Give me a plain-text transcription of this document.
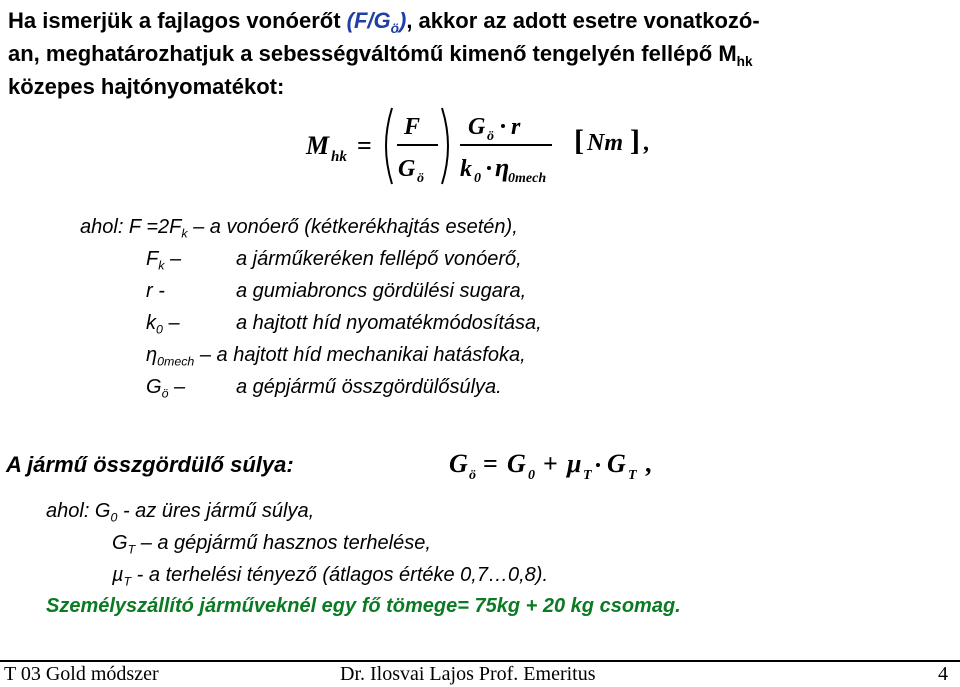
Ha ismerjük a fajlagos vonóerőt $(F/G_ö)$, akkor az adott esetre vonatkozó-
an, meghatározhatjuk a sebességváltómű kimenő tengelyén fellépő $M_{hk}$
közepes hajtónyomatékot:
M hk =
F
G ö
G ö r
k 0 η
0mech
[ Nm ] ,
ahol: $F =2F_k - a$ vonóerő (kétkerékhajtás esetén),
$F_k$ –	a járműkeréken fellépő vonóerő,
r -	a gumiabroncs gördülési sugara,
$k_0$ –	a hajtott híd nyomatékmódosítása,
$\eta_{0mech}$ – a hajtott híd mechanikai hatásfoka,
$G_ö$ –	a gépjármű összgördülősúlya.
A jármű összgördülő súlya:	G ö = G 0 + μ T G T ,
ahol: $G_0$ - az üres jármű súlya,
$G_T$ – a gépjármű hasznos terhelése,
µ$_T$ - a terhelési tényező (átlagos értéke 0,7…0,8).
Személyszállító járműveknél egy fő tömege= 75kg + 20 kg csomag.
T 03 Gold módszer	Dr. Ilosvai Lajos Prof. Emeritus	4
